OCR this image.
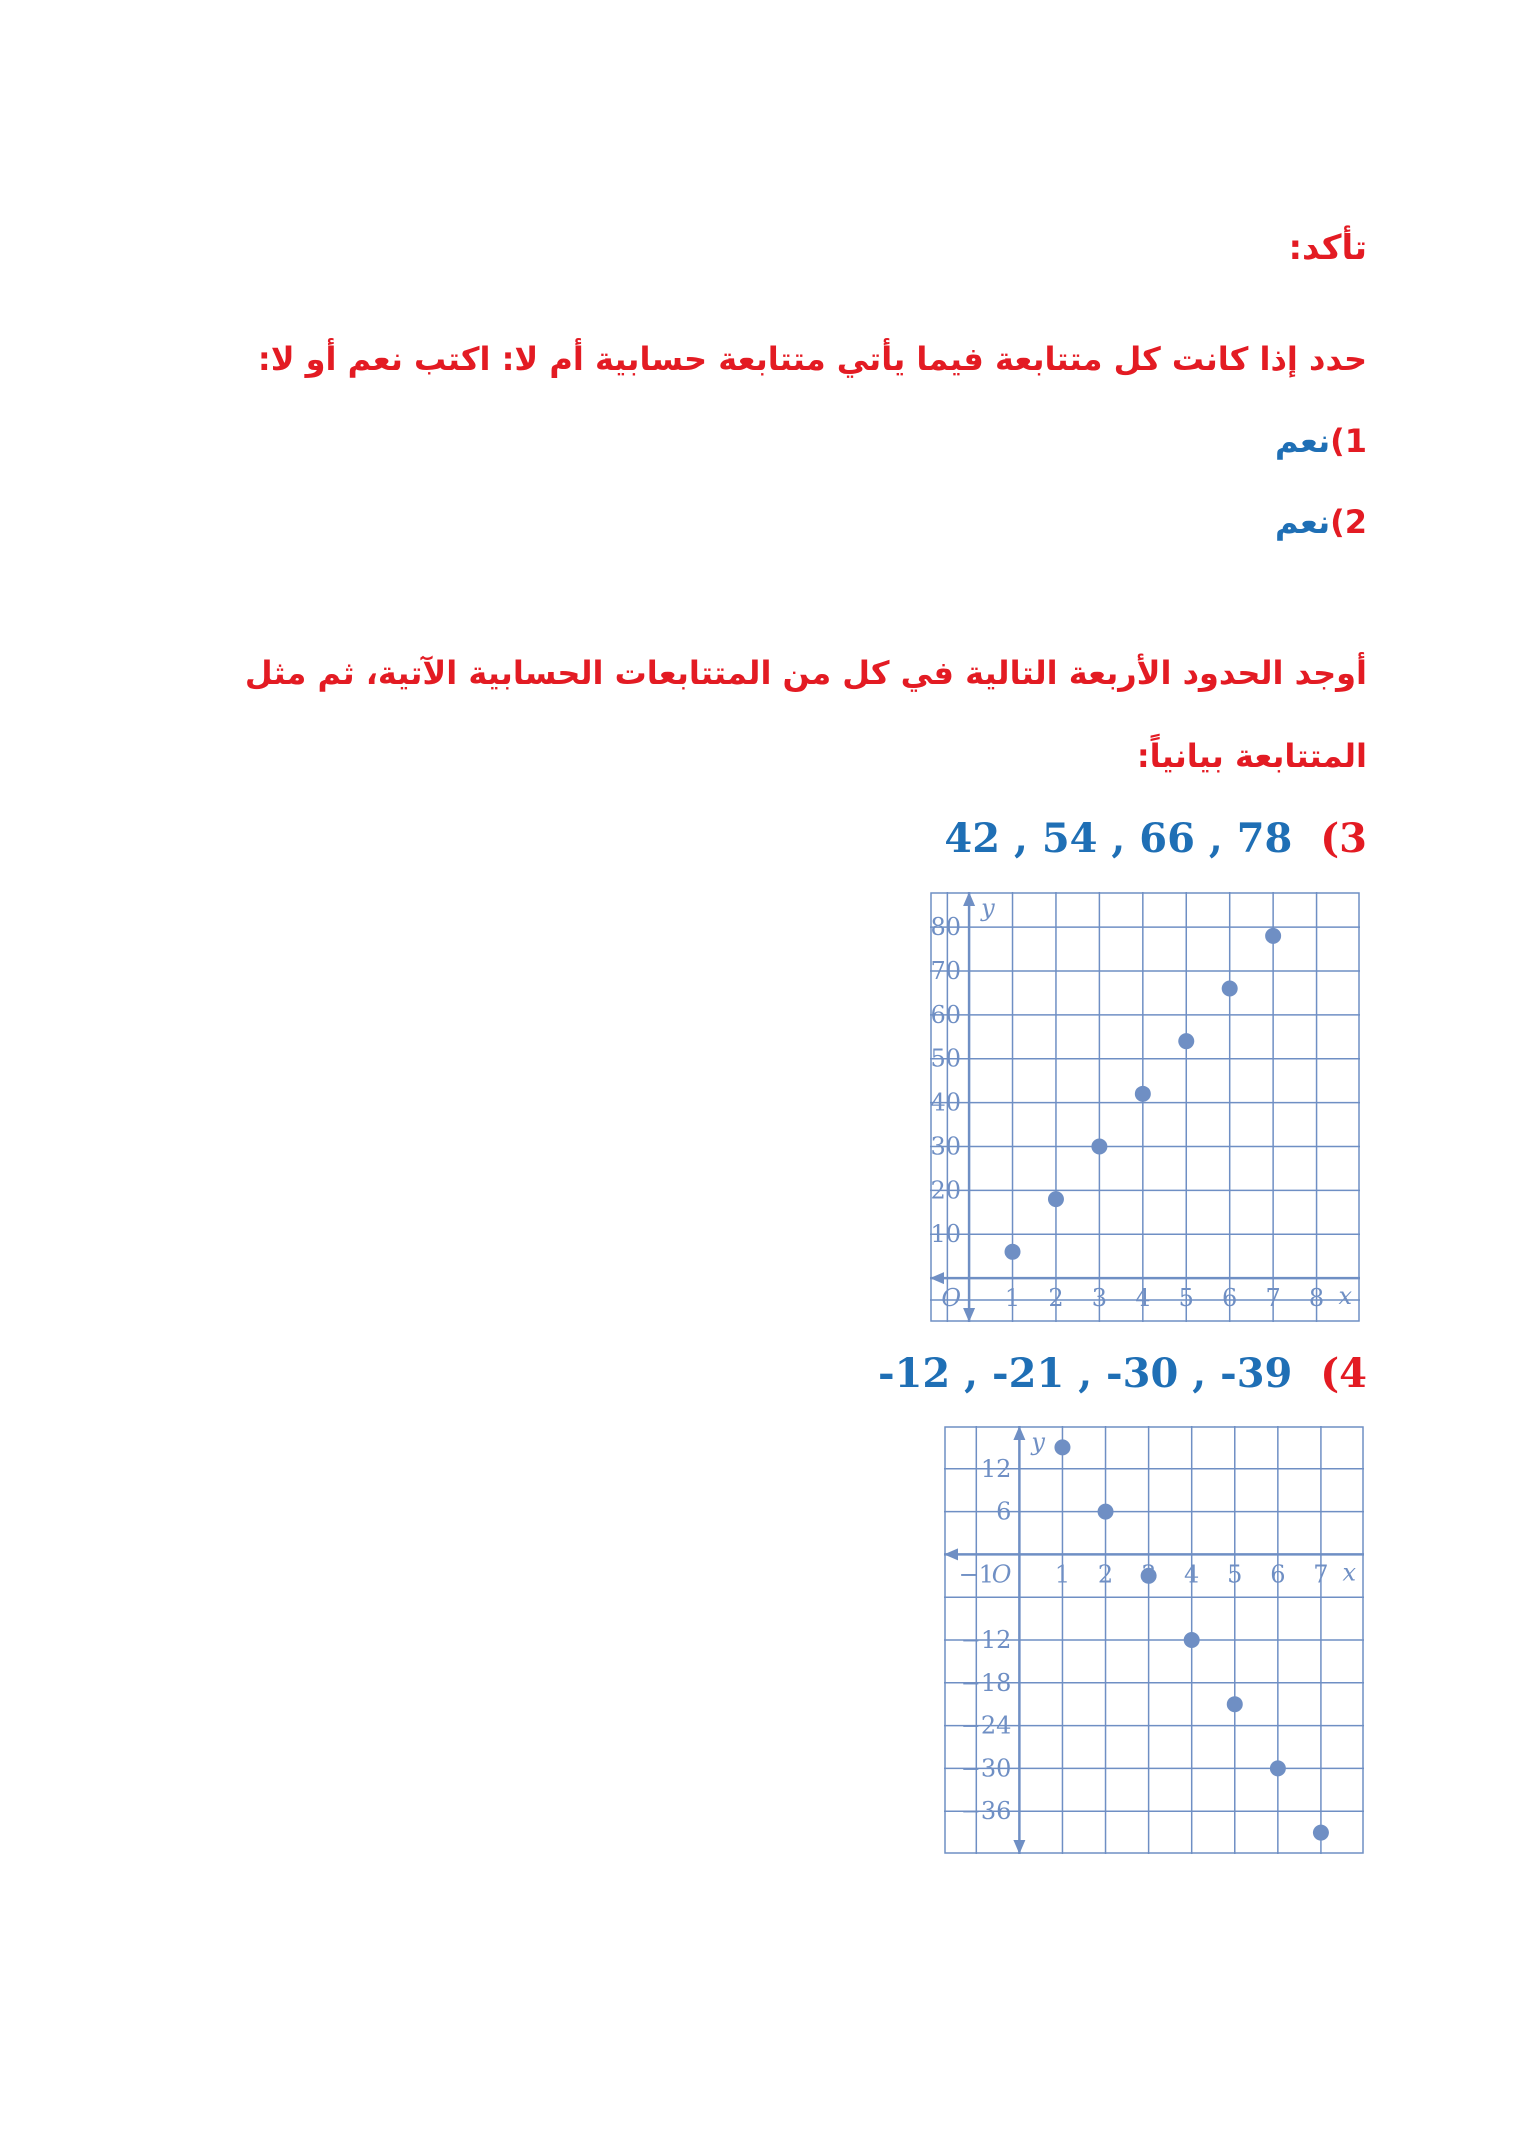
تأكد:
حدد إذا كانت كل متتابعة فيما يأتي متتابعة حسابية أم لا: اكتب نعم أو لا:
1)نعم
2)نعم
أوجد الحدود الأربعة التالية في كل من المتتابعات الحسابية الآتية، ثم مثل
المتتابعة بيانياً:
42 , 54 , 66 , 78 (3
1 2 3 4 5 6 7 8
10
20
30
40
50
60
70
80
O	x
y
-12 , -21 , -30 , -39 (4
1 2	4 5 6 7
12
6
−12
−18
−24
−30
−36
−1
O	x
y
